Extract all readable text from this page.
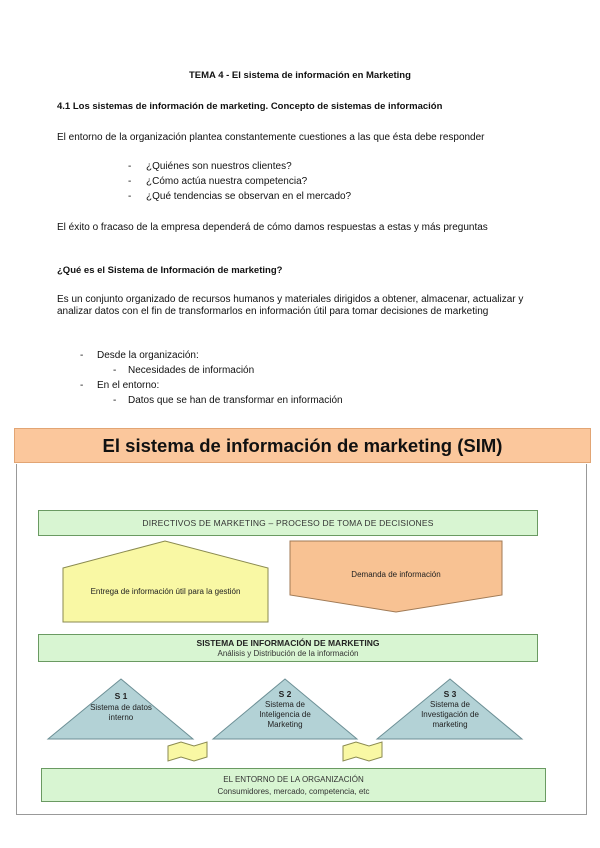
TEMA 4 - El sistema de información en Marketing
4.1 Los sistemas de información de marketing. Concepto de sistemas de información
El entorno de la organización plantea constantemente cuestiones a las que ésta debe responder
- ¿Quiénes son nuestros clientes?
- ¿Cómo actúa nuestra competencia?
- ¿Qué tendencias se observan en el mercado?
El éxito o fracaso de la empresa dependerá de cómo damos respuestas a estas y más preguntas
¿Qué es el Sistema de Información de marketing?
Es un conjunto organizado de recursos humanos y materiales dirigidos a obtener, almacenar, actualizar y analizar datos con el fin de transformarlos en información útil para tomar decisiones de marketing
- Desde la organización:
- Necesidades de información
- En el entorno:
- Datos que se han de transformar en información
El sistema de información de marketing (SIM)
DIRECTIVOS DE MARKETING – PROCESO DE TOMA DE DECISIONES
Entrega de información útil para la gestión
Demanda de información
SISTEMA DE INFORMACIÓN DE MARKETING
Análisis y Distribución de la información
S 1
Sistema de datos interno
S 2
Sistema de Inteligencia de Marketing
S 3
Sistema de Investigación de marketing
EL ENTORNO DE LA ORGANIZACIÓN
Consumidores, mercado, competencia, etc
